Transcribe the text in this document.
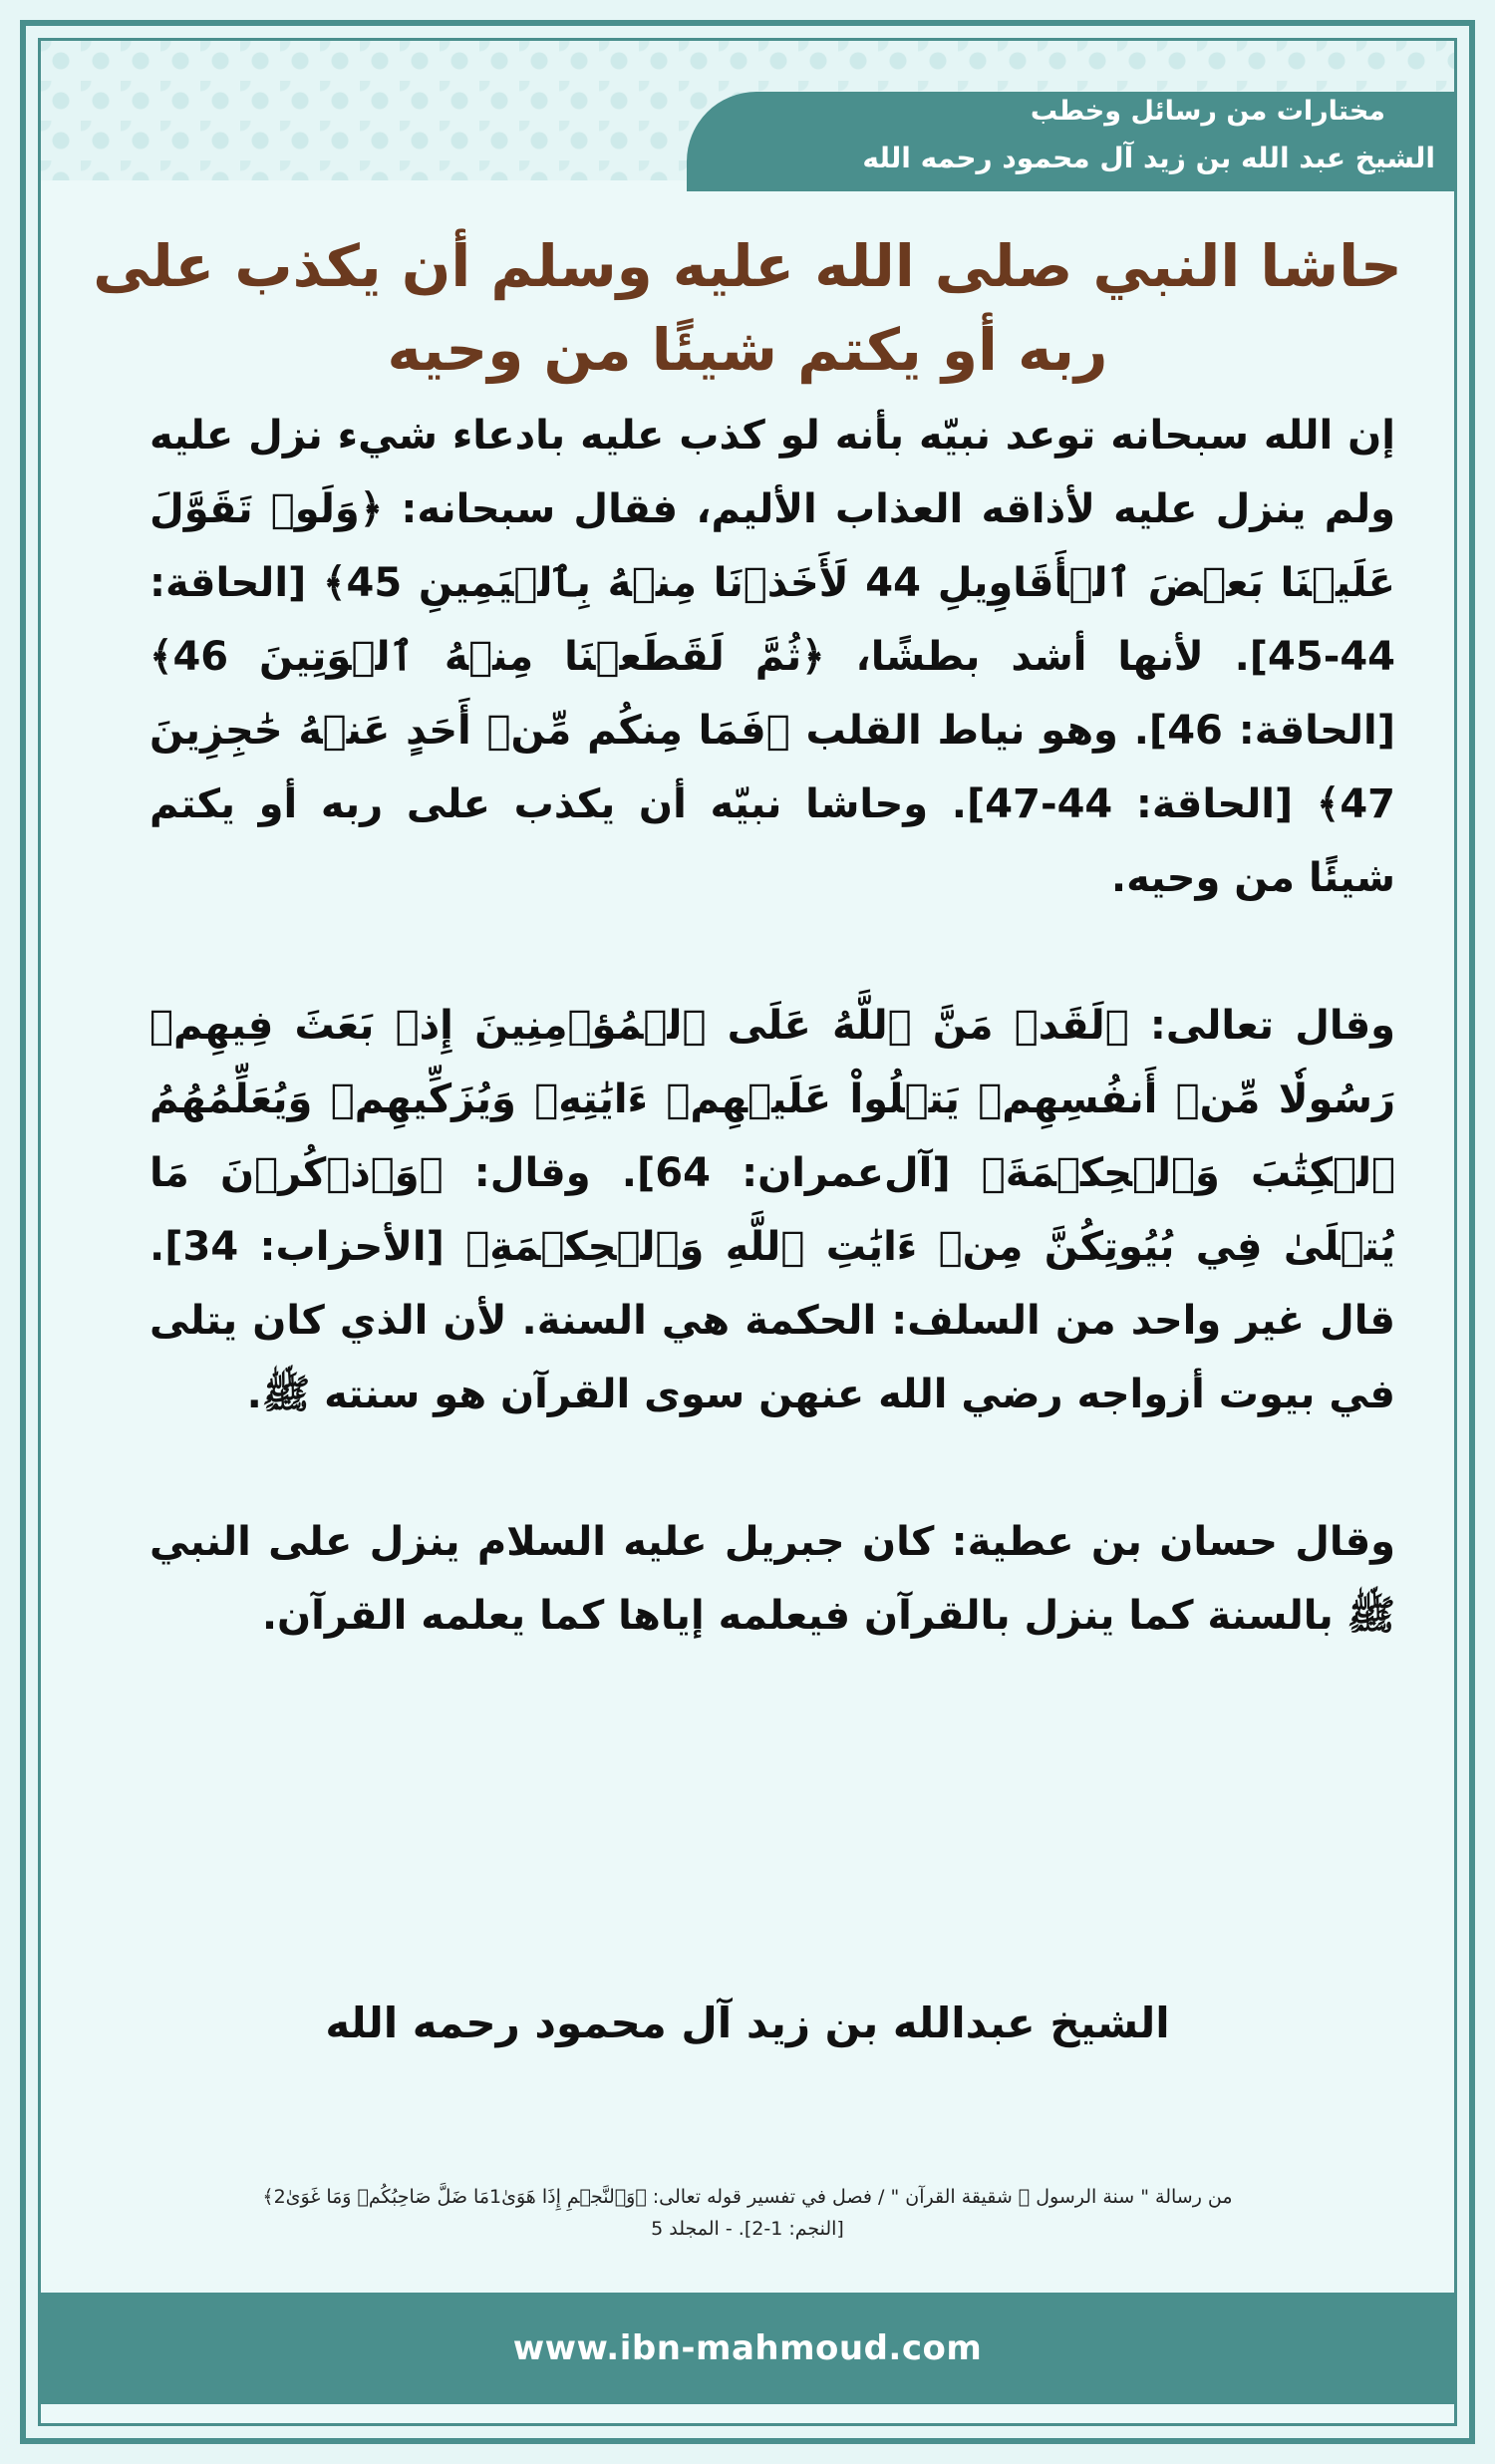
مختارات من رسائل وخطب
الشيخ عبد الله بن زيد آل محمود رحمه الله
حاشا النبي صلى الله عليه وسلم أن يكذب على ربه أو يكتم شيئًا من وحيه

إن الله سبحانه توعد نبيّه بأنه لو كذب عليه بادعاء شيء نزل عليه ولم ينزل عليه لأذاقه العذاب الأليم، فقال سبحانه: ﴿وَلَوۡ تَقَوَّلَ عَلَيۡنَا بَعۡضَ ٱلۡأَقَاوِيلِ 44 لَأَخَذۡنَا مِنۡهُ بِٱلۡيَمِينِ 45﴾ [الحاقة: 44-45]. لأنها أشد بطشًا، ﴿ثُمَّ لَقَطَعۡنَا مِنۡهُ ٱلۡوَتِينَ 46﴾ [الحاقة: 46]. وهو نياط القلب ﴿فَمَا مِنكُم مِّنۡ أَحَدٍ عَنۡهُ حَٰجِزِينَ 47﴾ [الحاقة: 44-47]. وحاشا نبيّه أن يكذب على ربه أو يكتم شيئًا من وحيه.

وقال تعالى: ﴿لَقَدۡ مَنَّ ٱللَّهُ عَلَى ٱلۡمُؤۡمِنِينَ إِذۡ بَعَثَ فِيهِمۡ رَسُولٗا مِّنۡ أَنفُسِهِمۡ يَتۡلُواْ عَلَيۡهِمۡ ءَايَٰتِهِۦ وَيُزَكِّيهِمۡ وَيُعَلِّمُهُمُ ٱلۡكِتَٰبَ وَٱلۡحِكۡمَةَ﴾ [آل‌عمران: 64]. وقال: ﴿وَٱذۡكُرۡنَ مَا يُتۡلَىٰ فِي بُيُوتِكُنَّ مِنۡ ءَايَٰتِ ٱللَّهِ وَٱلۡحِكۡمَةِ﴾ [الأحزاب: 34]. قال غير واحد من السلف: الحكمة هي السنة. لأن الذي كان يتلى في بيوت أزواجه رضي الله عنهن سوى القرآن هو سنته ﷺ.

وقال حسان بن عطية: كان جبريل عليه السلام ينزل على النبي ﷺ بالسنة كما ينزل بالقرآن فيعلمه إياها كما يعلمه القرآن.

الشيخ عبدالله بن زيد آل محمود رحمه الله
من رسالة " سنة الرسول ﷺ شقيقة القرآن " / فصل في تفسير قوله تعالى: ﴿وَٱلنَّجۡمِ إِذَا هَوَىٰ1مَا ضَلَّ صَاحِبُكُمۡ وَمَا غَوَىٰ2﴾
[النجم: 1-2]. - المجلد 5
www.ibn-mahmoud.com
